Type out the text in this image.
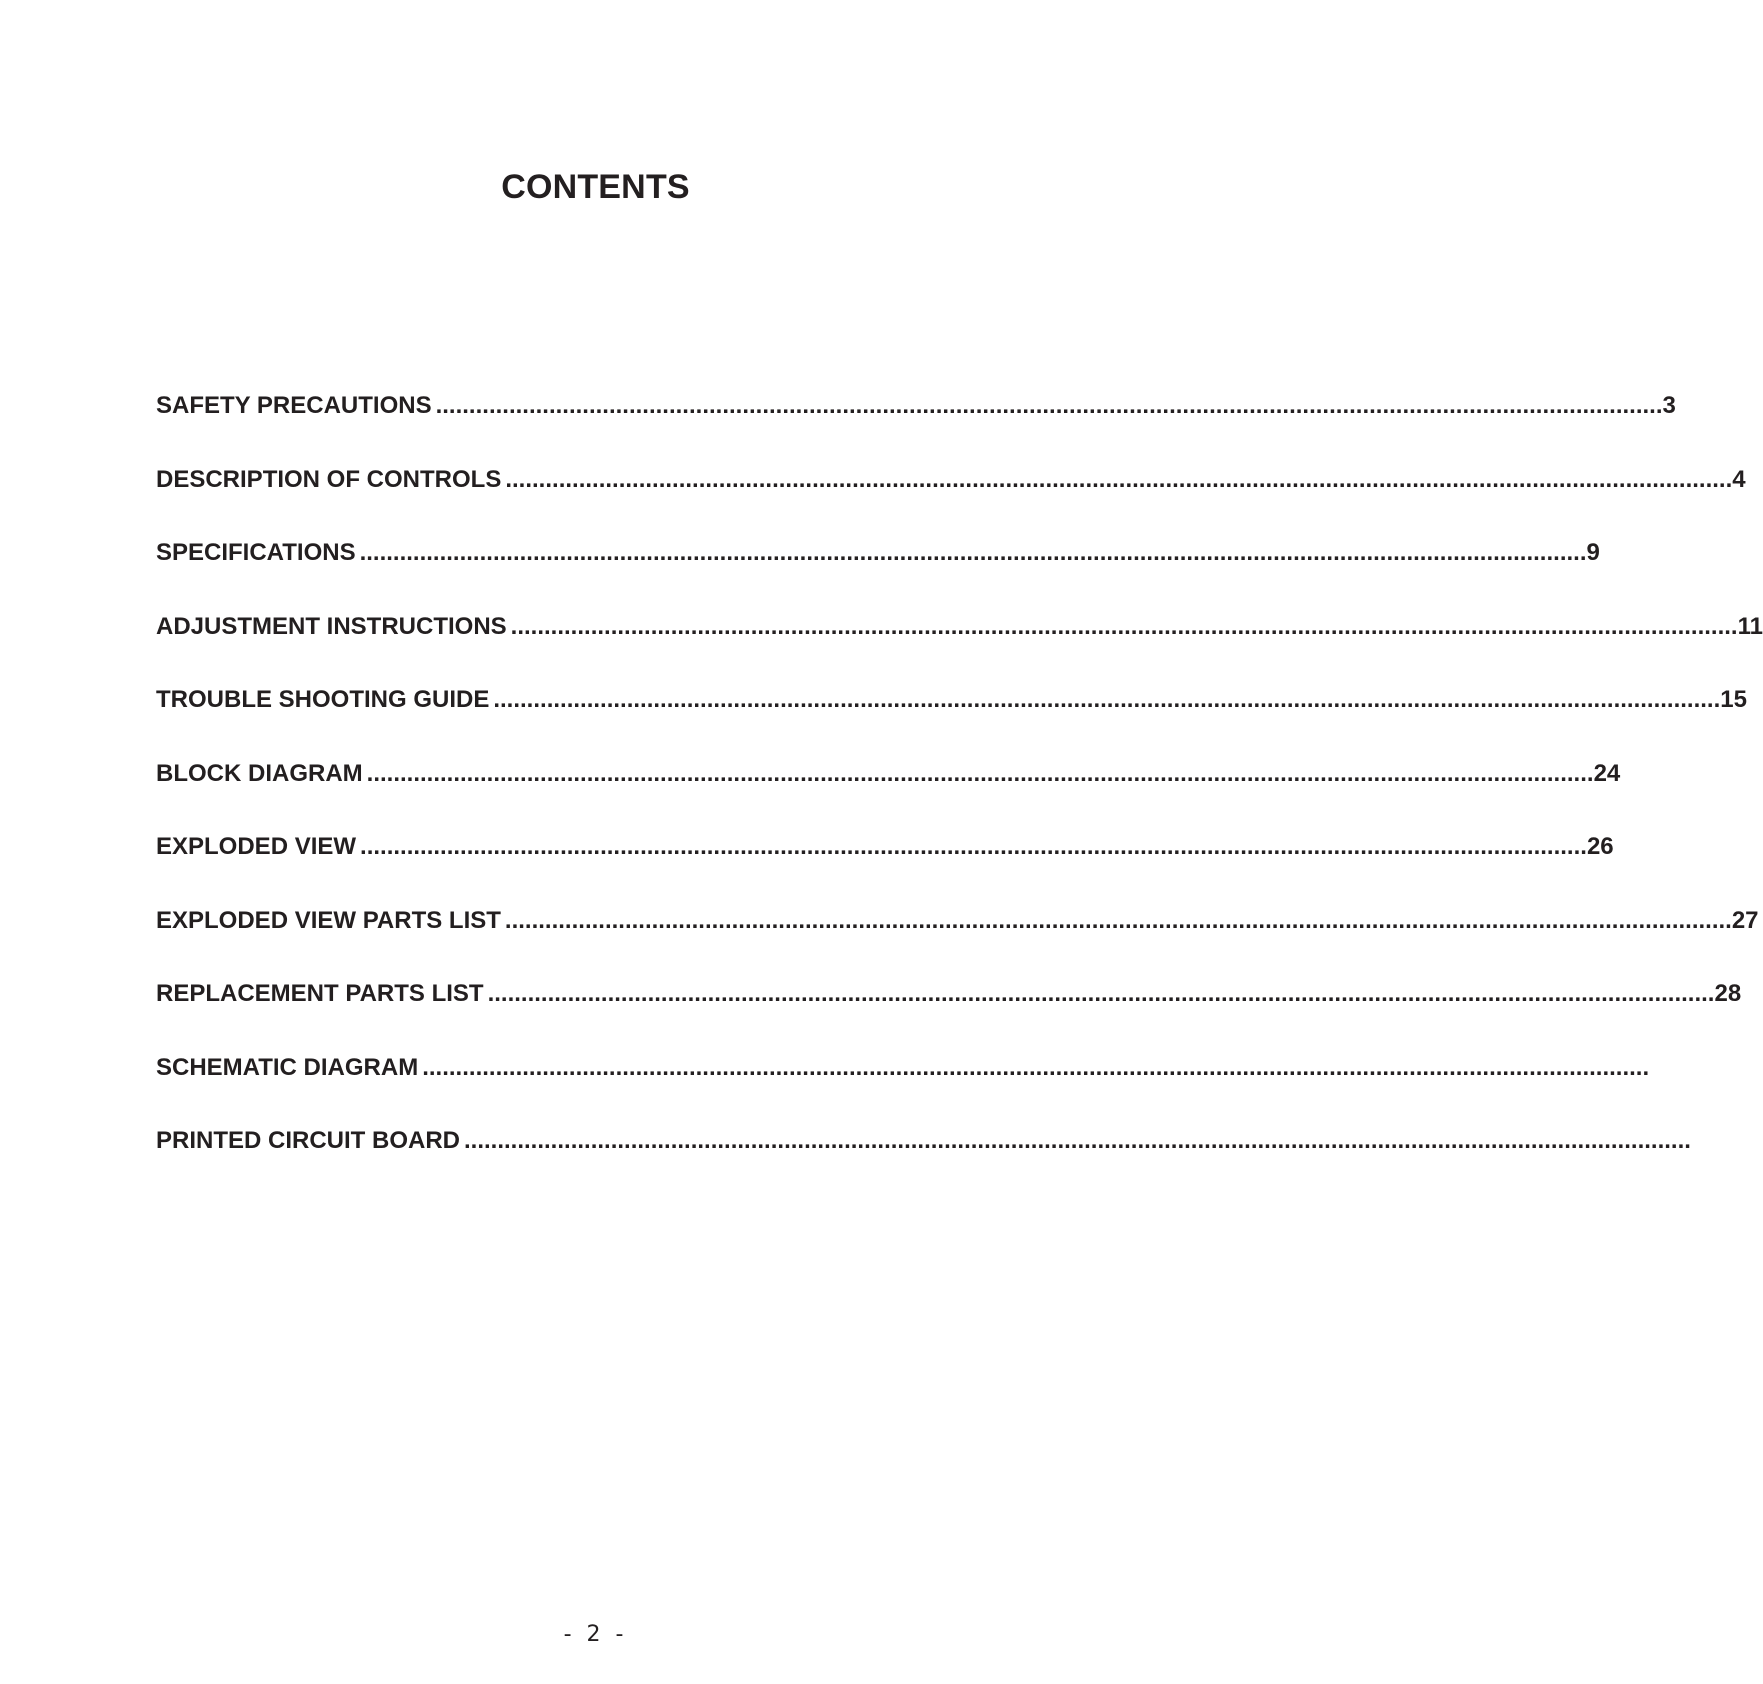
CONTENTS
SAFETY PRECAUTIONS ........................................................................................................................................................................................ 3
DESCRIPTION OF CONTROLS ........................................................................................................................................................................................ 4
SPECIFICATIONS ........................................................................................................................................................................................ 9
ADJUSTMENT INSTRUCTIONS ........................................................................................................................................................................................ 11
TROUBLE SHOOTING GUIDE ........................................................................................................................................................................................ 15
BLOCK DIAGRAM ........................................................................................................................................................................................ 24
EXPLODED VIEW ........................................................................................................................................................................................ 26
EXPLODED VIEW PARTS LIST ........................................................................................................................................................................................ 27
REPLACEMENT PARTS LIST ........................................................................................................................................................................................ 28
SCHEMATIC DIAGRAM ........................................................................................................................................................................................
PRINTED CIRCUIT BOARD ........................................................................................................................................................................................
- 2 -
